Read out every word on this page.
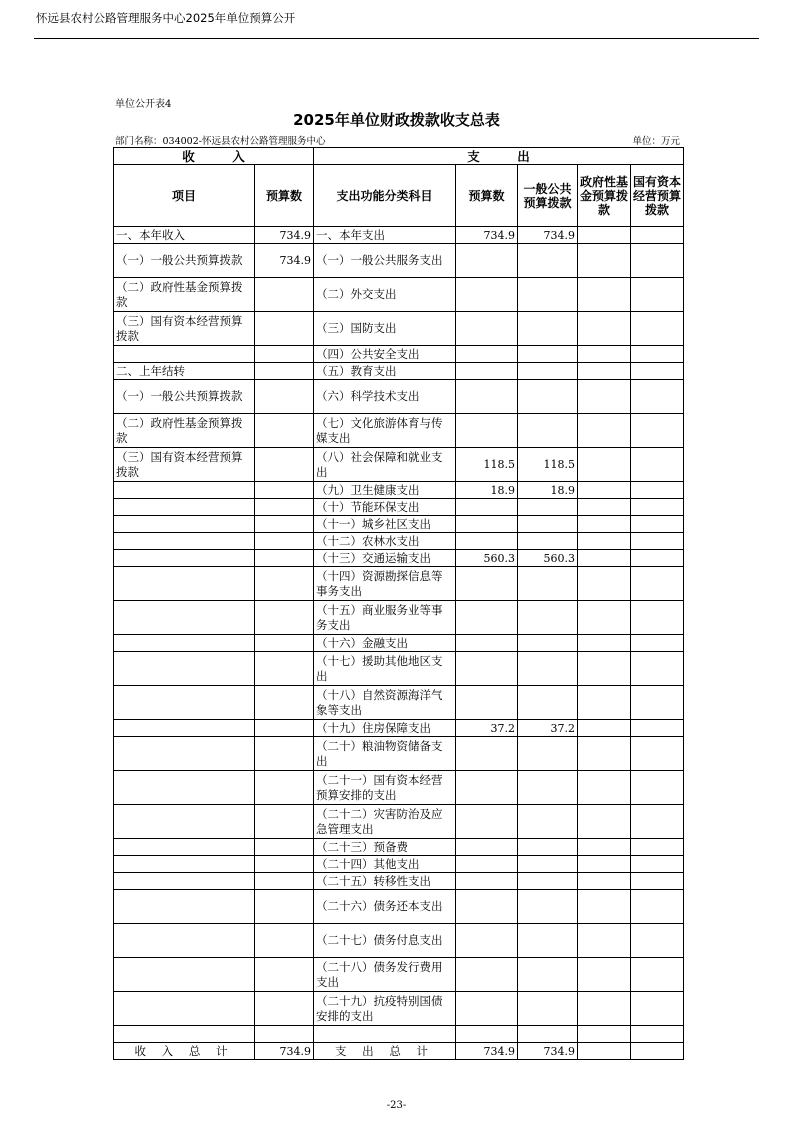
怀远县农村公路管理服务中心2025年单位预算公开
单位公开表4
2025年单位财政拨款收支总表
部门名称：034002-怀远县农村公路管理服务中心	单位：万元
收　　　入		支　　　出				
项目	预算数	支出功能分类科目	预算数	一般公共预算拨款	政府性基金预算拨款	国有资本经营预算拨款
一、本年收入	734.9	一、本年支出	734.9	734.9		
（一）一般公共预算拨款	734.9	（一）一般公共服务支出				
（二）政府性基金预算拨款		（二）外交支出				
（三）国有资本经营预算拨款		（三）国防支出				
		（四）公共安全支出				
二、上年结转		（五）教育支出				
（一）一般公共预算拨款		（六）科学技术支出				
（二）政府性基金预算拨款		（七）文化旅游体育与传媒支出				
（三）国有资本经营预算拨款		（八）社会保障和就业支出	118.5	118.5		
		（九）卫生健康支出	18.9	18.9		
		（十）节能环保支出				
		（十一）城乡社区支出				
		（十二）农林水支出				
		（十三）交通运输支出	560.3	560.3		
		（十四）资源勘探信息等事务支出				
		（十五）商业服务业等事务支出				
		（十六）金融支出				
		（十七）援助其他地区支出				
		（十八）自然资源海洋气象等支出				
		（十九）住房保障支出	37.2	37.2		
		（二十）粮油物资储备支出				
		（二十一）国有资本经营预算安排的支出				
		（二十二）灾害防治及应急管理支出				
		（二十三）预备费				
		（二十四）其他支出				
		（二十五）转移性支出				
		（二十六）债务还本支出				
		（二十七）债务付息支出				
		（二十八）债务发行费用支出				
		（二十九）抗疫特别国债安排的支出				

收 入 总 计	734.9	支 出 总 计	734.9	734.9		
-23-
